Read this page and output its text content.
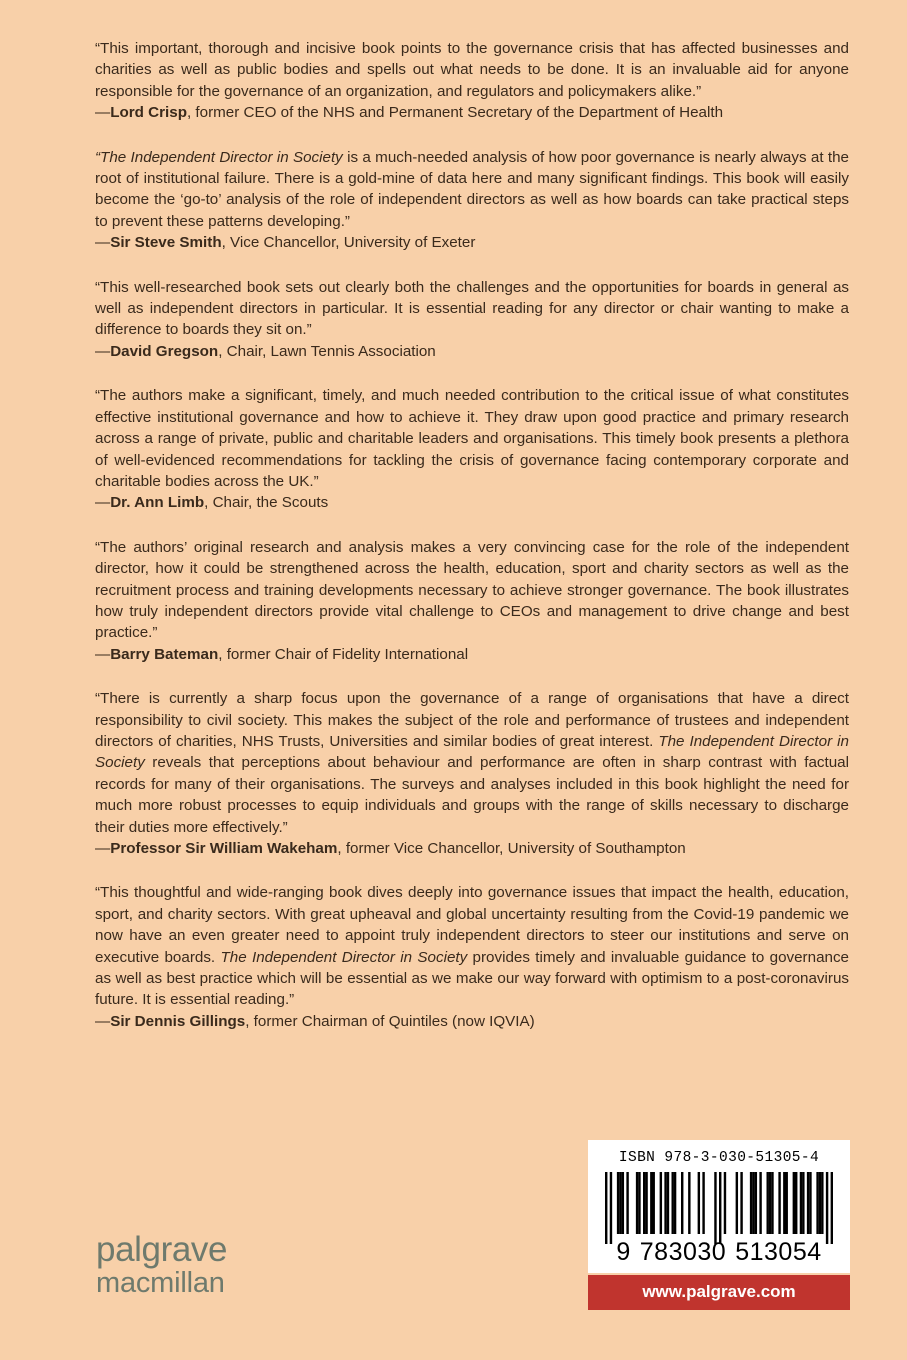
“This important, thorough and incisive book points to the governance crisis that has affected businesses and charities as well as public bodies and spells out what needs to be done. It is an invaluable aid for anyone responsible for the governance of an organization, and regulators and policymakers alike.”

—Lord Crisp, former CEO of the NHS and Permanent Secretary of the Department of Health

“The Independent Director in Society is a much-needed analysis of how poor governance is nearly always at the root of institutional failure. There is a gold-mine of data here and many significant findings. This book will easily become the ‘go-to’ analysis of the role of independent directors as well as how boards can take practical steps to prevent these patterns developing.”

—Sir Steve Smith, Vice Chancellor, University of Exeter

“This well-researched book sets out clearly both the challenges and the opportunities for boards in general as well as independent directors in particular. It is essential reading for any director or chair wanting to make a difference to boards they sit on.”

—David Gregson, Chair, Lawn Tennis Association

“The authors make a significant, timely, and much needed contribution to the critical issue of what constitutes effective institutional governance and how to achieve it. They draw upon good practice and primary research across a range of private, public and charitable leaders and organisations. This timely book presents a plethora of well-evidenced recommendations for tackling the crisis of governance facing contemporary corporate and charitable bodies across the UK.”

—Dr. Ann Limb, Chair, the Scouts

“The authors’ original research and analysis makes a very convincing case for the role of the independent director, how it could be strengthened across the health, education, sport and charity sectors as well as the recruitment process and training developments necessary to achieve stronger governance. The book illustrates how truly independent directors provide vital challenge to CEOs and management to drive change and best practice.”

—Barry Bateman, former Chair of Fidelity International

“There is currently a sharp focus upon the governance of a range of organisations that have a direct responsibility to civil society. This makes the subject of the role and performance of trustees and independent directors of charities, NHS Trusts, Universities and similar bodies of great interest. The Independent Director in Society reveals that perceptions about behaviour and performance are often in sharp contrast with factual records for many of their organisations. The surveys and analyses included in this book highlight the need for much more robust processes to equip individuals and groups with the range of skills necessary to discharge their duties more effectively.”

—Professor Sir William Wakeham, former Vice Chancellor, University of Southampton

“This thoughtful and wide-ranging book dives deeply into governance issues that impact the health, education, sport, and charity sectors. With great upheaval and global uncertainty resulting from the Covid-19 pandemic we now have an even greater need to appoint truly independent directors to steer our institutions and serve on executive boards. The Independent Director in Society provides timely and invaluable guidance to governance as well as best practice which will be essential as we make our way forward with optimism to a post-coronavirus future. It is essential reading.”

—Sir Dennis Gillings, former Chairman of Quintiles (now IQVIA)

palgrave
macmillan
ISBN 978-3-030-51305-4
9 783030 513054
www.palgrave.com
